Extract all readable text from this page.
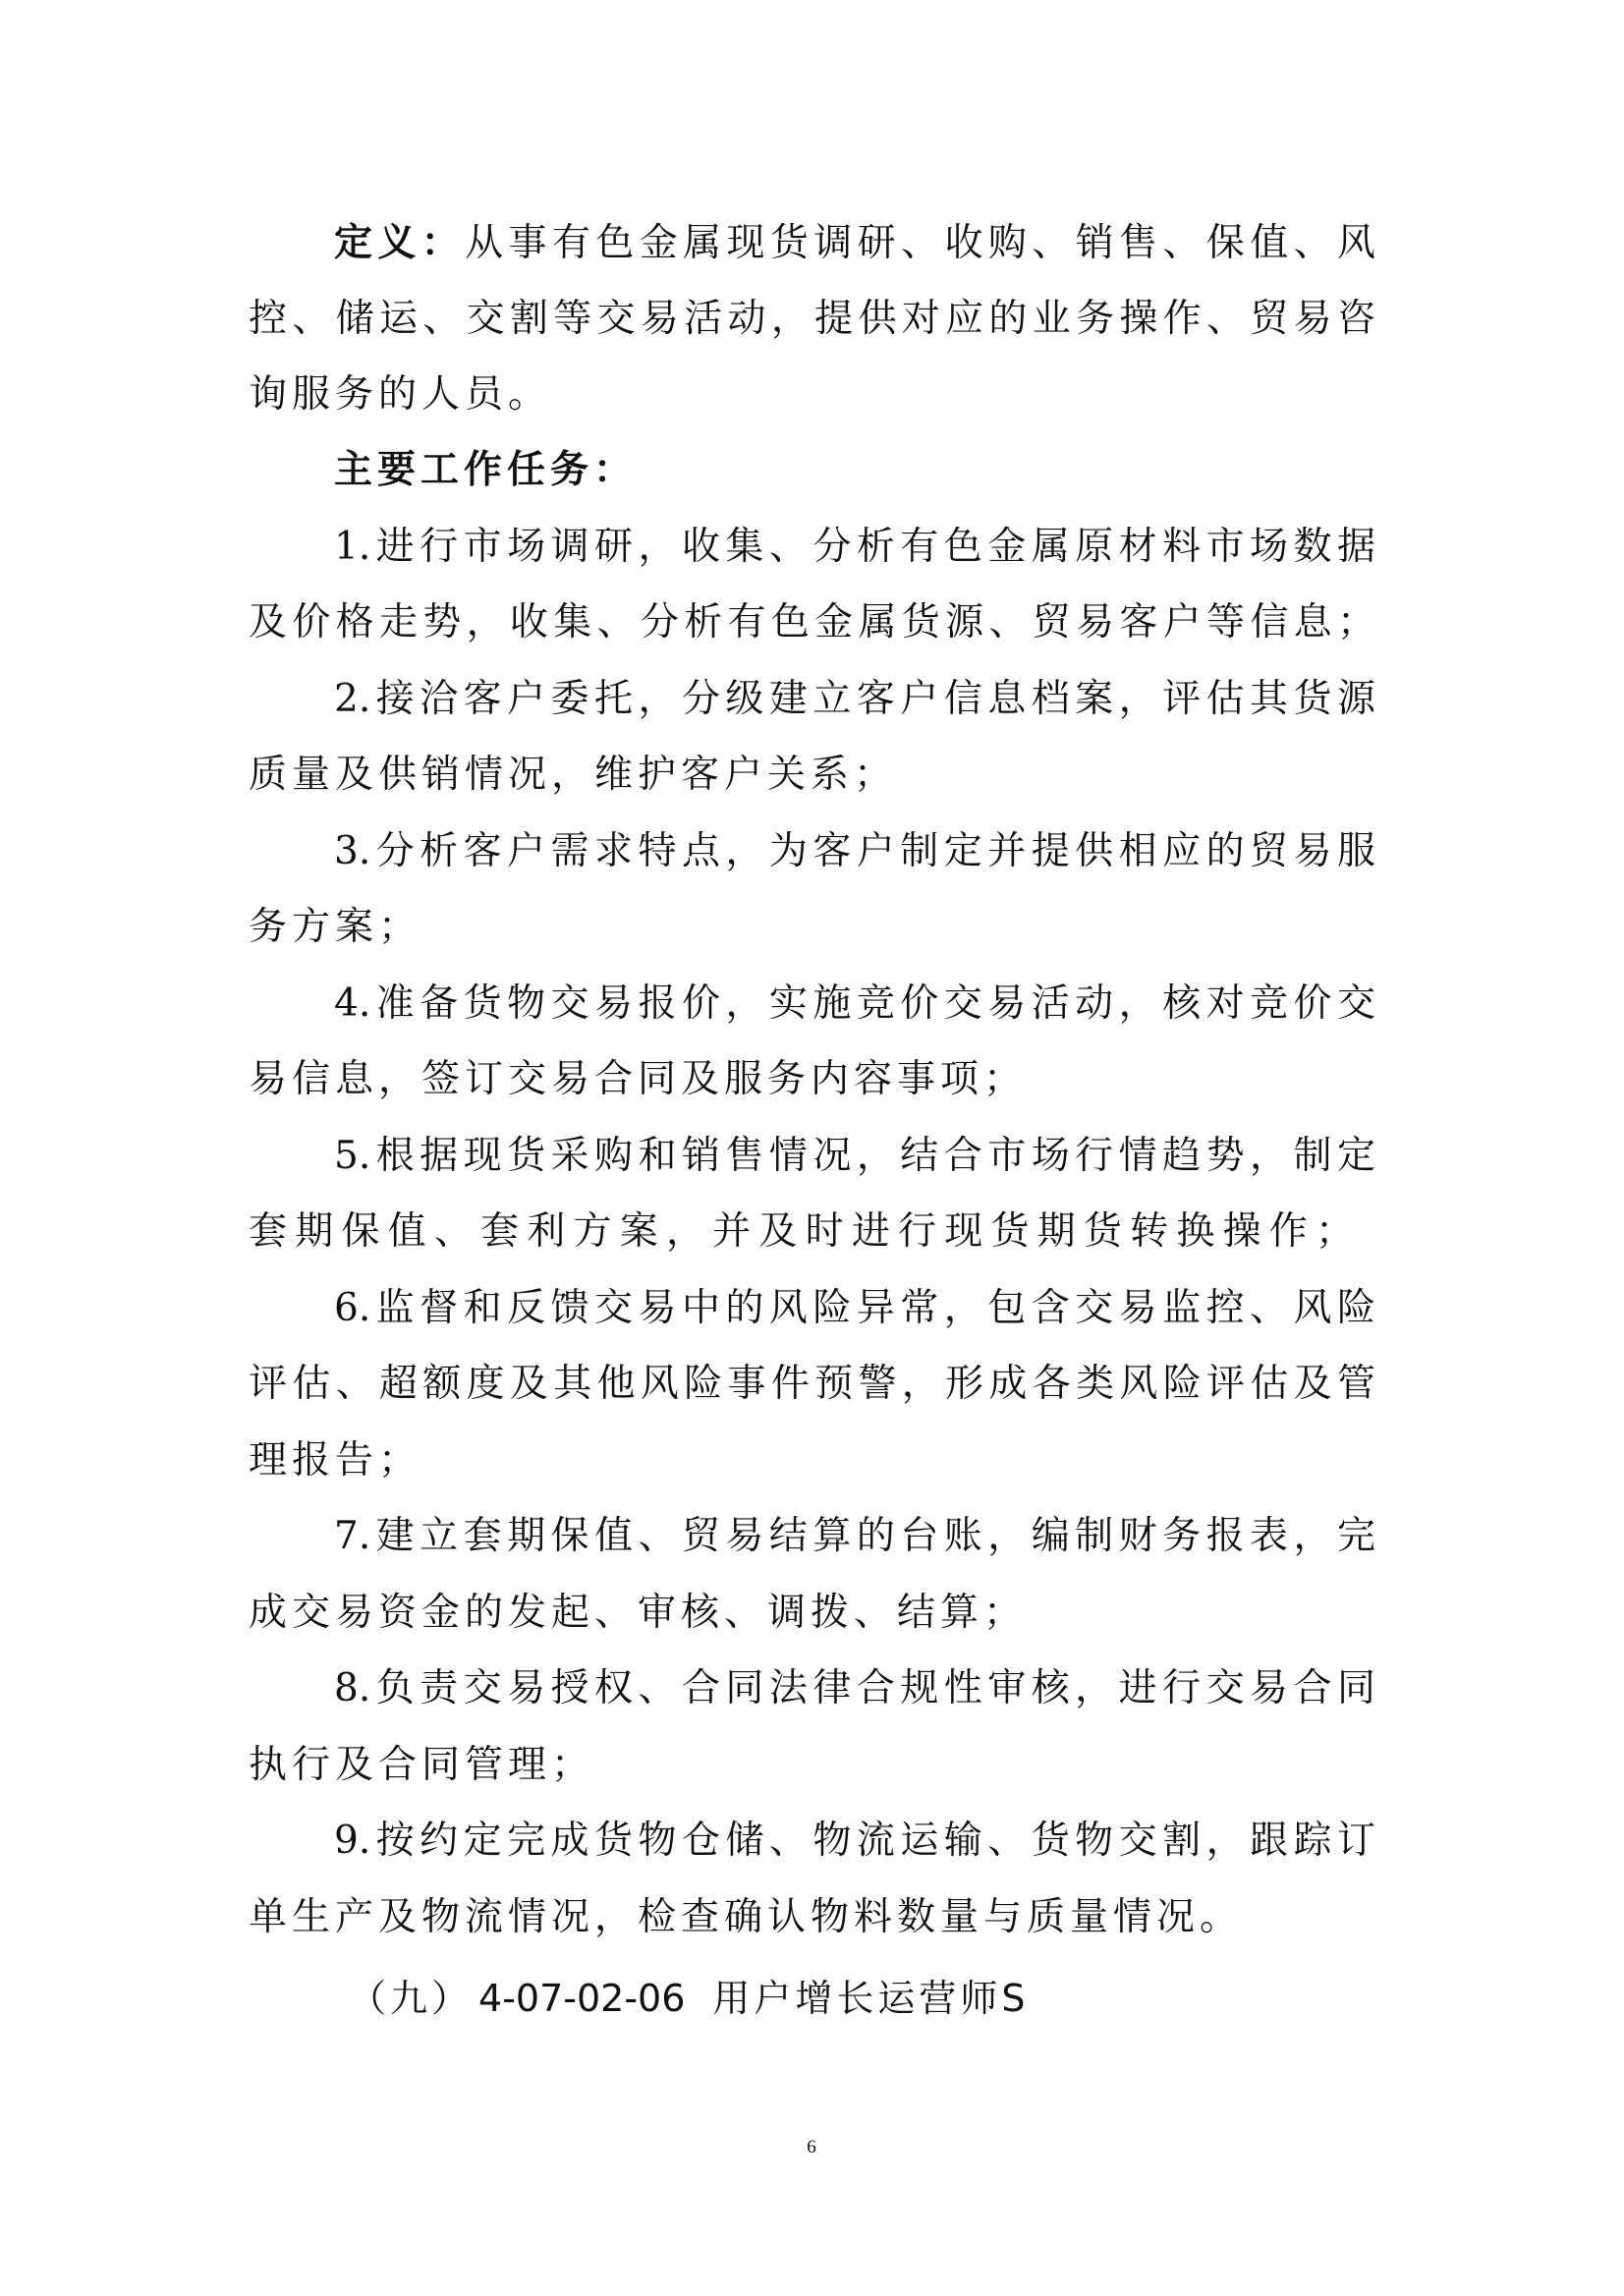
定义：从事有色金属现货调研、收购、销售、保值、风
控、储运、交割等交易活动，提供对应的业务操作、贸易咨
询服务的人员。
主要工作任务：
1.进行市场调研，收集、分析有色金属原材料市场数据
及价格走势，收集、分析有色金属货源、贸易客户等信息；
2.接洽客户委托，分级建立客户信息档案，评估其货源
质量及供销情况，维护客户关系；
3.分析客户需求特点，为客户制定并提供相应的贸易服
务方案；
4.准备货物交易报价，实施竞价交易活动，核对竞价交
易信息，签订交易合同及服务内容事项；
5.根据现货采购和销售情况，结合市场行情趋势，制定
套期保值、套利方案，并及时进行现货期货转换操作；
6.监督和反馈交易中的风险异常，包含交易监控、风险
评估、超额度及其他风险事件预警，形成各类风险评估及管
理报告；
7.建立套期保值、贸易结算的台账，编制财务报表，完
成交易资金的发起、审核、调拨、结算；
8.负责交易授权、合同法律合规性审核，进行交易合同
执行及合同管理；
9.按约定完成货物仓储、物流运输、货物交割，跟踪订
单生产及物流情况，检查确认物料数量与质量情况。
（九） 4-07-02-06 用户增长运营师S
6
